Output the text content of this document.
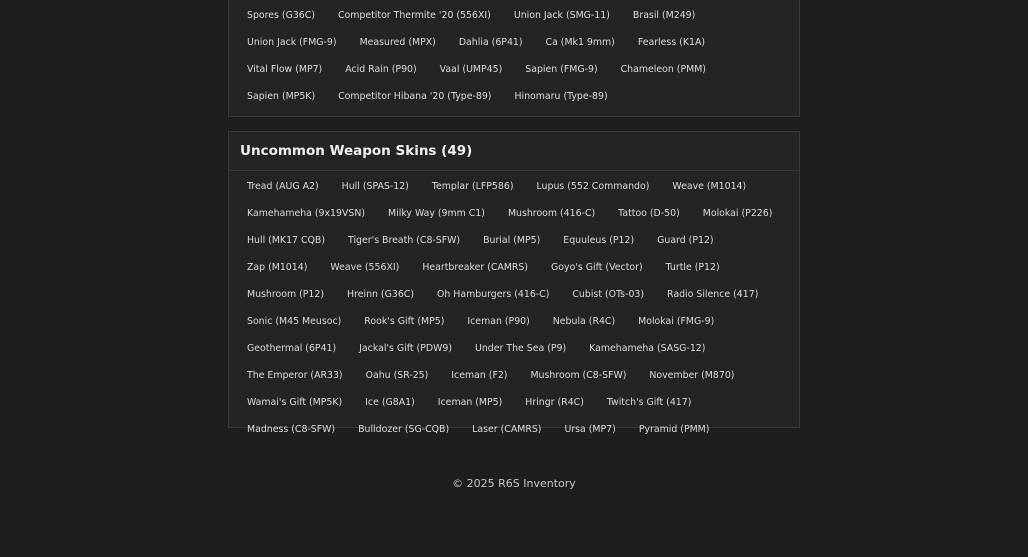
Spores (G36C)	Competitor Thermite '20 (556XI)	Union Jack (SMG-11)	Brasil (M249)
Union Jack (FMG-9)	Measured (MPX)	Dahlia (6P41)	Ca (Mk1 9mm)	Fearless (K1A)
Vital Flow (MP7)	Acid Rain (P90)	Vaal (UMP45)	Sapien (FMG-9)	Chameleon (PMM)
Sapien (MP5K)	Competitor Hibana '20 (Type-89)	Hinomaru (Type-89)
Uncommon Weapon Skins (49)
Tread (AUG A2)	Hull (SPAS-12)	Templar (LFP586)	Lupus (552 Commando)	Weave (M1014)
Kamehameha (9x19VSN)	Milky Way (9mm C1)	Mushroom (416-C)	Tattoo (D-50)	Molokai (P226)
Hull (MK17 CQB)	Tiger's Breath (C8-SFW)	Burial (MP5)	Equuleus (P12)	Guard (P12)
Zap (M1014)	Weave (556XI)	Heartbreaker (CAMRS)	Goyo's Gift (Vector)	Turtle (P12)
Mushroom (P12)	Hreinn (G36C)	Oh Hamburgers (416-C)	Cubist (OTs-03)	Radio Silence (417)
Sonic (M45 Meusoc)	Rook's Gift (MP5)	Iceman (P90)	Nebula (R4C)	Molokai (FMG-9)
Geothermal (6P41)	Jackal's Gift (PDW9)	Under The Sea (P9)	Kamehameha (SASG-12)
The Emperor (AR33)	Oahu (SR-25)	Iceman (F2)	Mushroom (C8-SFW)	November (M870)
Wamai's Gift (MP5K)	Ice (G8A1)	Iceman (MP5)	Hringr (R4C)	Twitch's Gift (417)
Madness (C8-SFW)	Bulldozer (SG-CQB)	Laser (CAMRS)	Ursa (MP7)	Pyramid (PMM)
© 2025 R6S Inventory
